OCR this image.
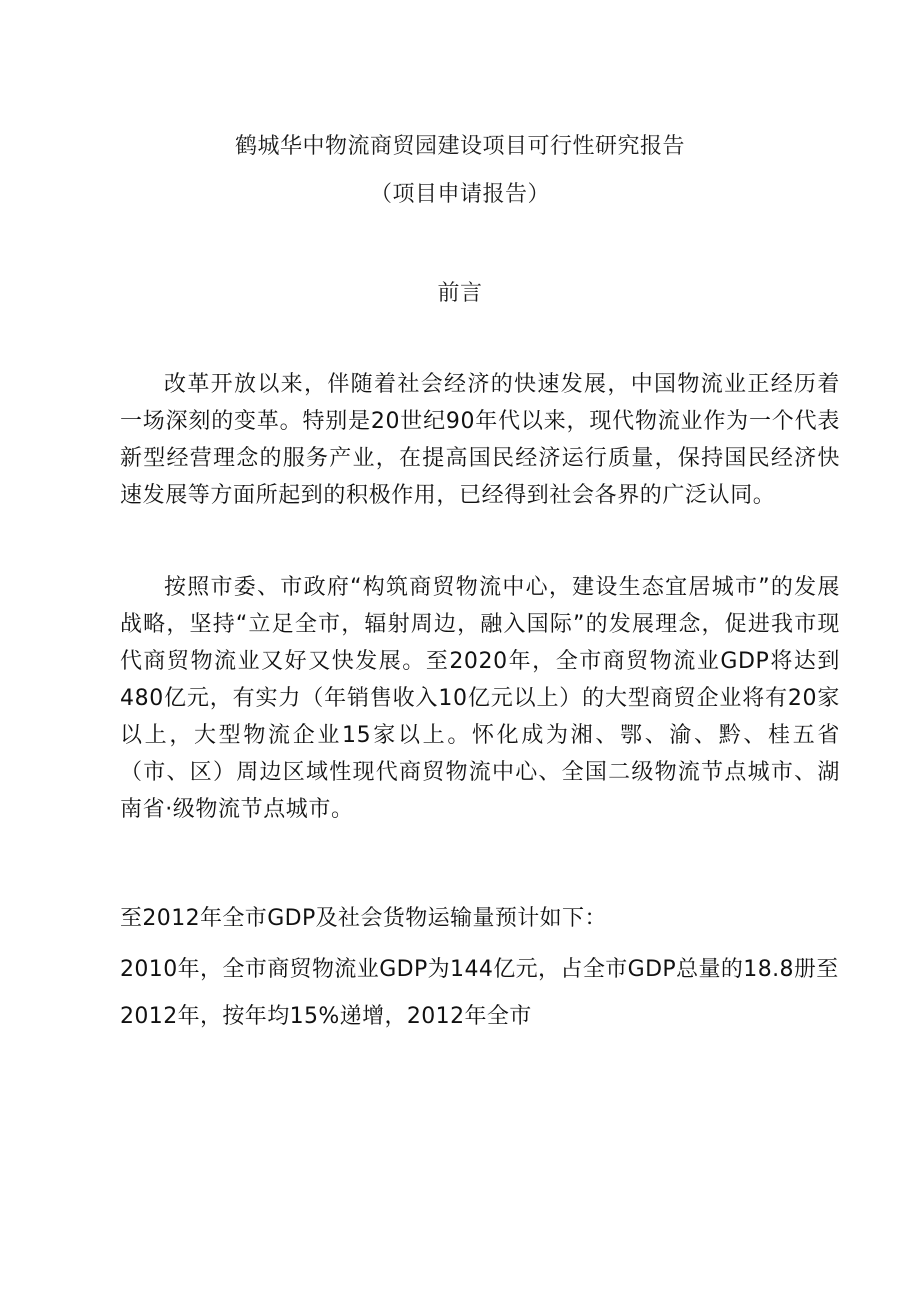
鹤城华中物流商贸园建设项目可行性研究报告
（项目申请报告）
前言
改革开放以来，伴随着社会经济的快速发展，中国物流业正经历着一场深刻的变革。特别是20世纪90年代以来，现代物流业作为一个代表新型经营理念的服务产业，在提高国民经济运行质量，保持国民经济快速发展等方面所起到的积极作用，已经得到社会各界的广泛认同。
按照市委、市政府“构筑商贸物流中心，建设生态宜居城市”的发展战略，坚持“立足全市，辐射周边，融入国际”的发展理念，促进我市现代商贸物流业又好又快发展。至2020年，全市商贸物流业GDP将达到480亿元，有实力（年销售收入10亿元以上）的大型商贸企业将有20家以上，大型物流企业15家以上。怀化成为湘、鄂、渝、黔、桂五省（市、区）周边区域性现代商贸物流中心、全国二级物流节点城市、湖南省·级物流节点城市。
至2012年全市GDP及社会货物运输量预计如下：
2010年，全市商贸物流业GDP为144亿元，占全市GDP总量的18.8册至
2012年，按年均15%递增，2012年全市
